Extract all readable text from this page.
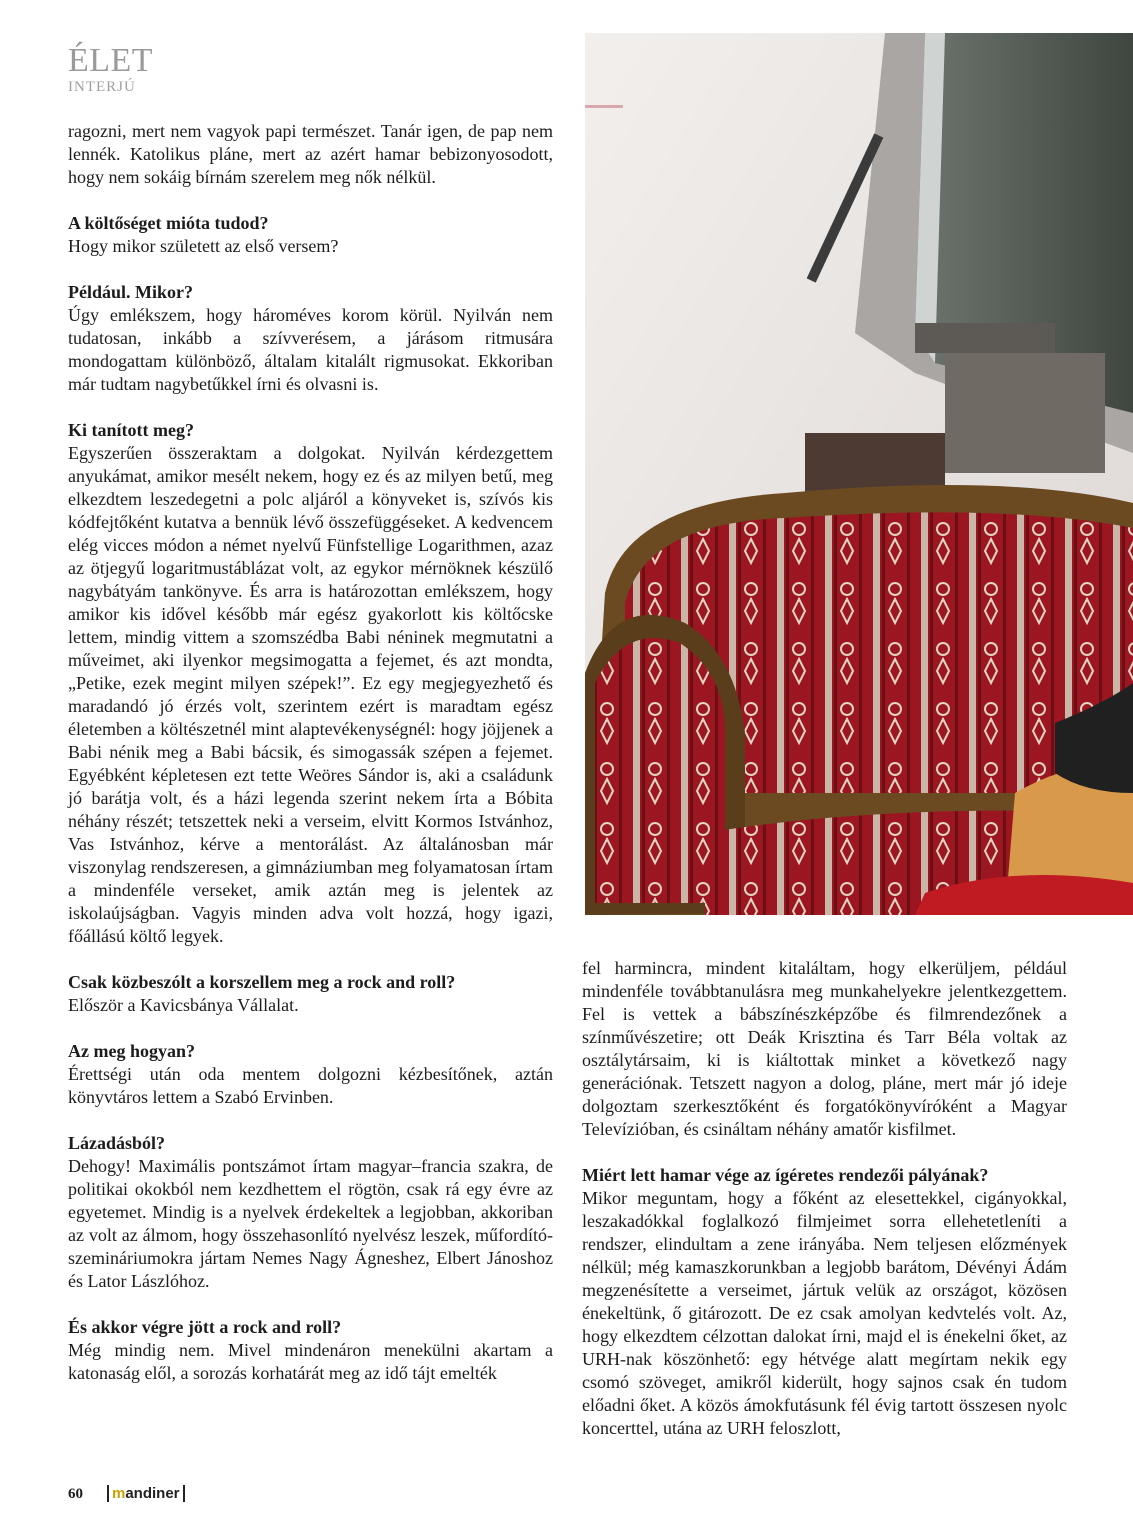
ÉLET
INTERJÚ

ragozni, mert nem vagyok papi természet. Tanár igen, de pap nem lennék. Katolikus pláne, mert az azért hamar bebizonyosodott, hogy nem sokáig bírnám szerelem meg nők nélkül.

A költőséget mióta tudod?
Hogy mikor született az első versem?

Például. Mikor?
Úgy emlékszem, hogy hároméves korom körül. Nyilván nem tudatosan, inkább a szívverésem, a járásom ritmusára mondogattam különböző, általam kitalált rigmusokat. Ekkoriban már tudtam nagybetűkkel írni és olvasni is.

Ki tanított meg?
Egyszerűen összeraktam a dolgokat. Nyilván kérdezgettem anyukámat, amikor mesélt nekem, hogy ez és az milyen betű, meg elkezdtem leszedegetni a polc aljáról a könyveket is, szívós kis kódfejtőként kutatva a bennük lévő összefüggéseket. A kedvencem elég vicces módon a német nyelvű Fünfstellige Logarithmen, azaz az ötjegyű logaritmustáblázat volt, az egykor mérnöknek készülő nagybátyám tankönyve. És arra is határozottan emlékszem, hogy amikor kis idővel később már egész gyakorlott kis költőcske lettem, mindig vittem a szomszédba Babi néninek megmutatni a műveimet, aki ilyenkor megsimogatta a fejemet, és azt mondta, „Petike, ezek megint milyen szépek!”. Ez egy megjegyezhető és maradandó jó érzés volt, szerintem ezért is maradtam egész életemben a költészetnél mint alaptevékenységnél: hogy jöjjenek a Babi nénik meg a Babi bácsik, és simogassák szépen a fejemet. Egyébként képletesen ezt tette Weöres Sándor is, aki a családunk jó barátja volt, és a házi legenda szerint nekem írta a Bóbita néhány részét; tetszettek neki a verseim, elvitt Kormos Istvánhoz, Vas Istvánhoz, kérve a mentorálást. Az általánosban már viszonylag rendszeresen, a gimnáziumban meg folyamatosan írtam a mindenféle verseket, amik aztán meg is jelentek az iskolaújságban. Vagyis minden adva volt hozzá, hogy igazi, főállású költő legyek.

Csak közbeszólt a korszellem meg a rock and roll?
Először a Kavicsbánya Vállalat.

Az meg hogyan?
Érettségi után oda mentem dolgozni kézbesítőnek, aztán könyvtáros lettem a Szabó Ervinben.

Lázadásból?
Dehogy! Maximális pontszámot írtam magyar–francia szakra, de politikai okokból nem kezdhettem el rögtön, csak rá egy évre az egyetemet. Mindig is a nyelvek érdekeltek a legjobban, akkoriban az volt az álmom, hogy összehasonlító nyelvész leszek, műfordító-szemináriumokra jártam Nemes Nagy Ágneshez, Elbert Jánoshoz és Lator Lászlóhoz.

És akkor végre jött a rock and roll?
Még mindig nem. Mivel mindenáron menekülni akartam a katonaság elől, a sorozás korhatárát meg az idő tájt emelték

fel harmincra, mindent kitaláltam, hogy elkerüljem, például mindenféle továbbtanulásra meg munkahelyekre jelentkezgettem. Fel is vettek a bábszínészképzőbe és filmrendezőnek a színművészetire; ott Deák Krisztina és Tarr Béla voltak az osztálytársaim, ki is kiáltottak minket a következő nagy generációnak. Tetszett nagyon a dolog, pláne, mert már jó ideje dolgoztam szerkesztőként és forgatókönyvíróként a Magyar Televízióban, és csináltam néhány amatőr kisfilmet.

Miért lett hamar vége az ígéretes rendezői pályának?
Mikor meguntam, hogy a főként az elesettekkel, cigányokkal, leszakadókkal foglalkozó filmjeimet sorra ellehetetleníti a rendszer, elindultam a zene irányába. Nem teljesen előzmények nélkül; még kamaszkorunkban a legjobb barátom, Dévényi Ádám megzenésítette a verseimet, jártuk velük az országot, közösen énekeltünk, ő gitározott. De ez csak amolyan kedvtelés volt. Az, hogy elkezdtem célzottan dalokat írni, majd el is énekelni őket, az URH-nak köszönhető: egy hétvége alatt megírtam nekik egy csomó szöveget, amikről kiderült, hogy sajnos csak én tudom előadni őket. A közös ámokfutásunk fél évig tartott összesen nyolc koncerttel, utána az URH feloszlott,

60	mandiner
